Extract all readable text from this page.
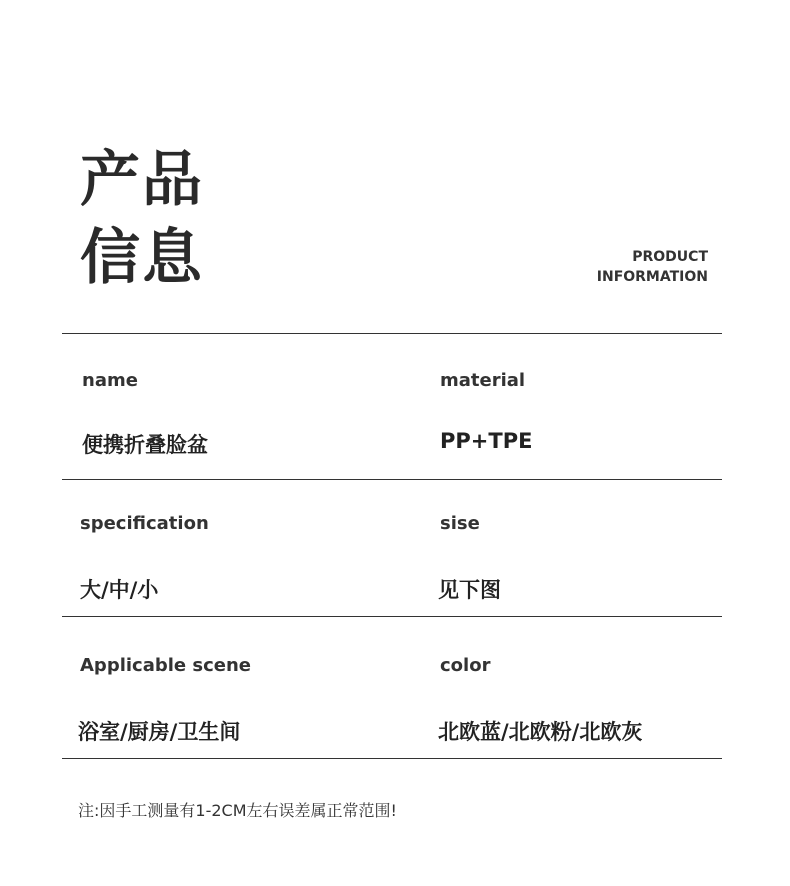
产品
信息	PRODUCT
INFORMATION
name	material
便携折叠脸盆	PP+TPE
specification	sise
大/中/小	见下图
Applicable scene	color
浴室/厨房/卫生间	北欧蓝/北欧粉/北欧灰
注:因手工测量有1-2CM左右误差属正常范围!
